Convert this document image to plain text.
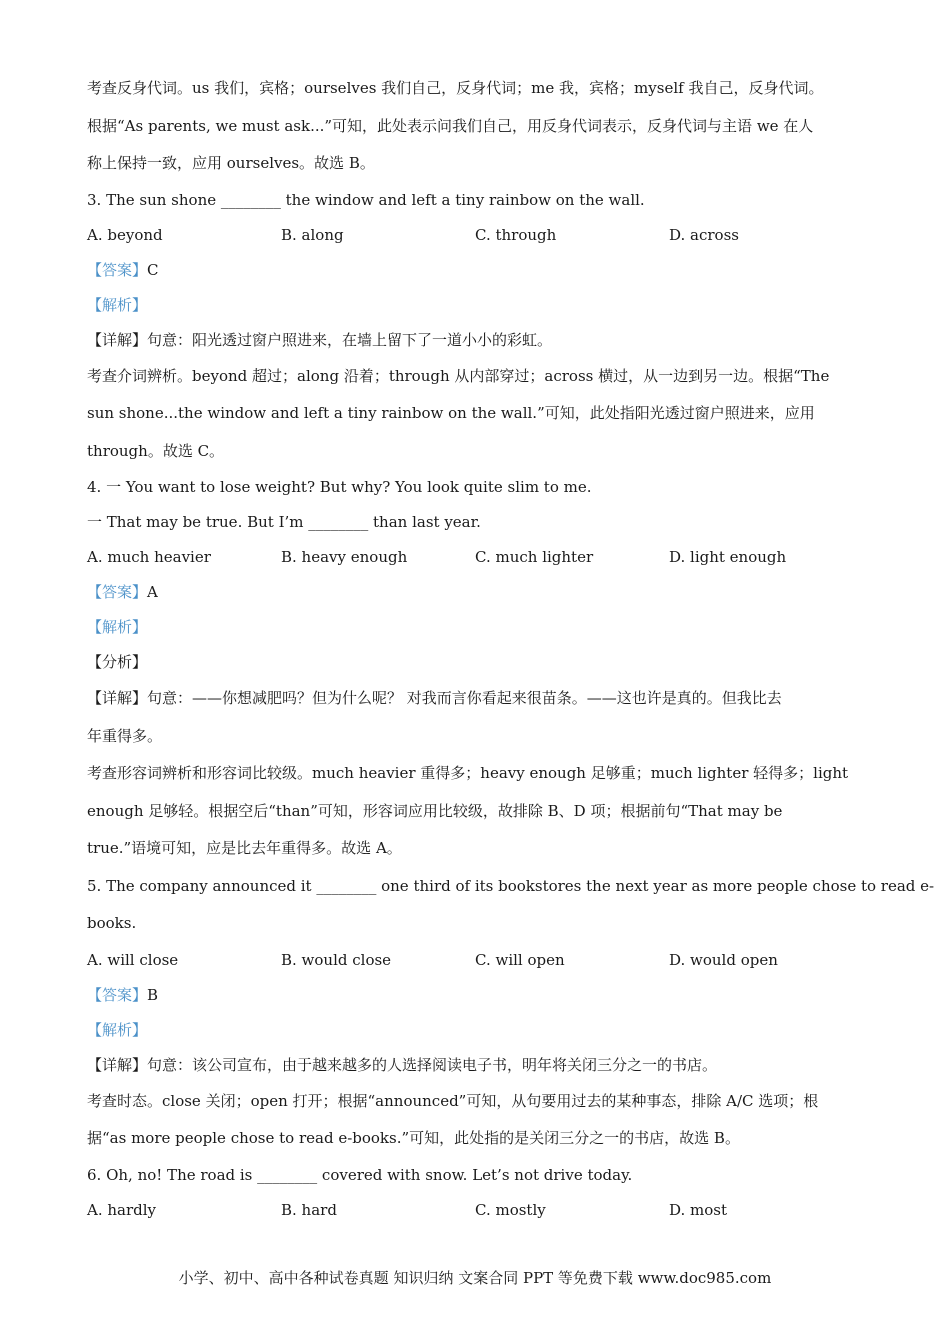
考查反身代词。us 我们，宾格；ourselves 我们自己，反身代词；me 我，宾格；myself 我自己，反身代词。
根据“As parents, we must ask...”可知，此处表示问我们自己，用反身代词表示，反身代词与主语 we 在人
称上保持一致，应用 ourselves。故选 B。
3. The sun shone ________ the window and left a tiny rainbow on the wall.
A. beyond	B. along	C. through	D. across
【答案】C
【解析】
【详解】句意：阳光透过窗户照进来，在墙上留下了一道小小的彩虹。
考查介词辨析。beyond 超过；along 沿着；through 从内部穿过；across 横过，从一边到另一边。根据“The
sun shone...the window and left a tiny rainbow on the wall.”可知，此处指阳光透过窗户照进来，应用
through。故选 C。
4. 一 You want to lose weight? But why? You look quite slim to me.
一 That may be true. But I’m ________ than last year.
A. much heavier	B. heavy enough	C. much lighter	D. light enough
【答案】A
【解析】
【分析】
【详解】句意：——你想减肥吗？但为什么呢？ 对我而言你看起来很苗条。——这也许是真的。但我比去
年重得多。
考查形容词辨析和形容词比较级。much heavier 重得多；heavy enough 足够重；much lighter 轻得多；light
enough 足够轻。根据空后“than”可知，形容词应用比较级，故排除 B、D 项；根据前句“That may be
true.”语境可知，应是比去年重得多。故选 A。
5. The company announced it ________ one third of its bookstores the next year as more people chose to read e-
books.
A. will close	B. would close	C. will open	D. would open
【答案】B
【解析】
【详解】句意：该公司宣布，由于越来越多的人选择阅读电子书，明年将关闭三分之一的书店。
考查时态。close 关闭；open 打开；根据“announced”可知，从句要用过去的某种事态，排除 A/C 选项；根
据“as more people chose to read e-books.”可知，此处指的是关闭三分之一的书店，故选 B。
6. Oh, no! The road is ________ covered with snow. Let’s not drive today.
A. hardly	B. hard	C. mostly	D. most
小学、初中、高中各种试卷真题 知识归纳 文案合同 PPT 等免费下载 www.doc985.com
